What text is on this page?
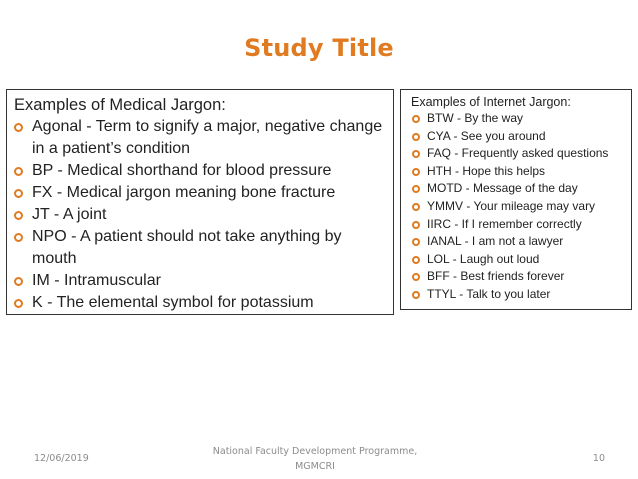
Study Title
Examples of Medical Jargon:
Agonal - Term to signify a major, negative change in a patient’s condition
BP - Medical shorthand for blood pressure
FX - Medical jargon meaning bone fracture
JT - A joint
NPO - A patient should not take anything by mouth
IM - Intramuscular
K - The elemental symbol for potassium
Examples of Internet Jargon:
BTW - By the way
CYA - See you around
FAQ - Frequently asked questions
HTH - Hope this helps
MOTD - Message of the day
YMMV - Your mileage may vary
IIRC - If I remember correctly
IANAL - I am not a lawyer
LOL - Laugh out loud
BFF - Best friends forever
TTYL - Talk to you later
12/06/2019
National Faculty Development Programme,
MGMCRI
10
